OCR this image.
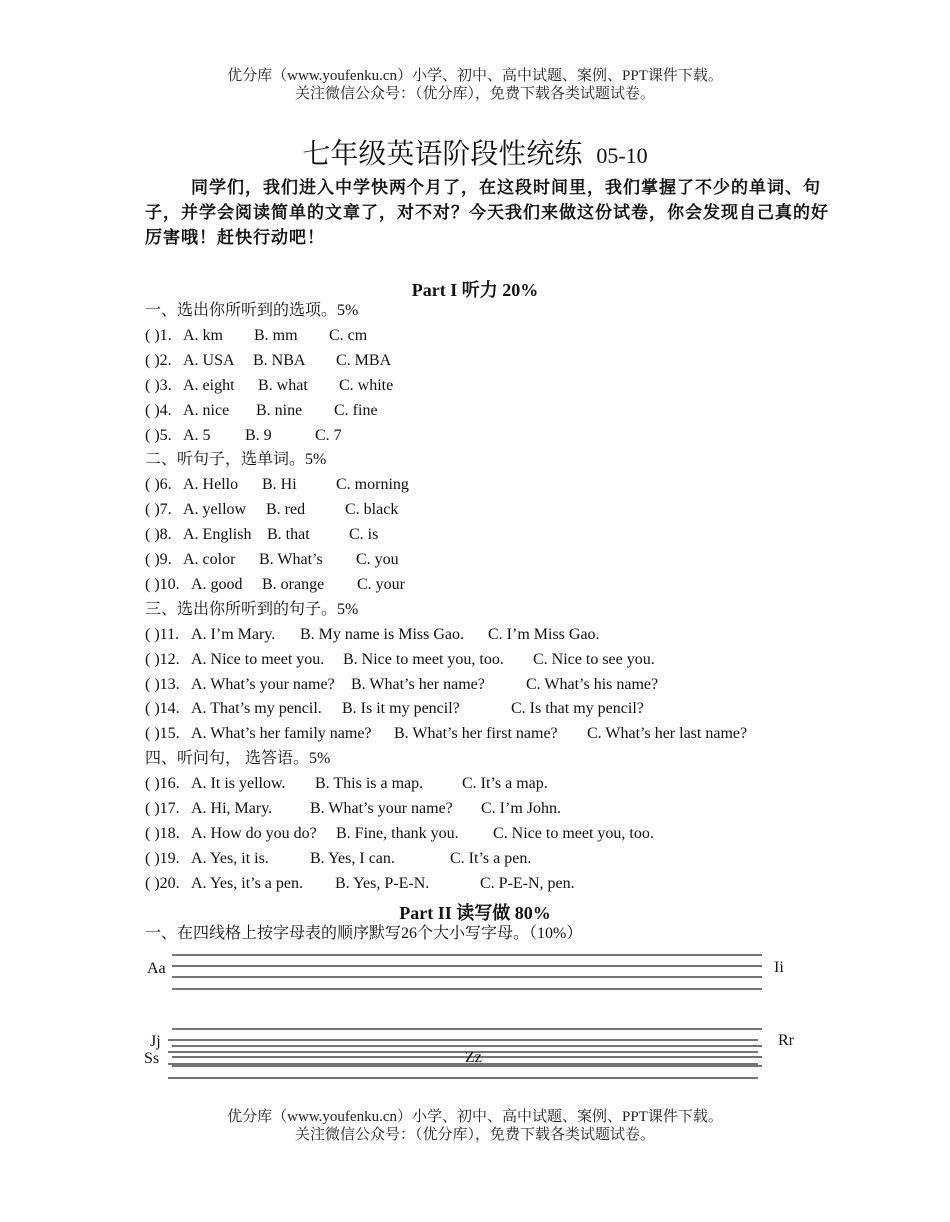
优分库（www.youfenku.cn）小学、初中、高中试题、案例、PPT课件下载。
关注微信公众号：（优分库），免费下载各类试题试卷。
七年级英语阶段性统练 05-10
同学们，我们进入中学快两个月了，在这段时间里，我们掌握了不少的单词、句子，并学会阅读简单的文章了，对不对？今天我们来做这份试卷，你会发现自己真的好厉害哦！赶快行动吧！
Part I 听力 20%
一、选出你所听到的选项。5%
( )1. A. km B. mm C. cm
( )2. A. USA B. NBA C. MBA
( )3. A. eight B. what C. white
( )4. A. nice B. nine C. fine
( )5. A. 5 B. 9	C. 7
二、听句子，选单词。5%
( )6. A. Hello B. Hi C. morning
( )7. A. yellow B. red C. black
( )8. A. English B. that C. is
( )9. A. color B. What’s C. you
( )10. A. good B. orange C. your
三、选出你所听到的句子。5%
( )11. A. I’m Mary. B. My name is Miss Gao. C. I’m Miss Gao.
( )12. A. Nice to meet you. B. Nice to meet you, too. C. Nice to see you.
( )13. A. What’s your name? B. What’s her name?	C. What’s his name?
( )14. A. That’s my pencil. B. Is it my pencil?	C. Is that my pencil?
( )15. A. What’s her family name? B. What’s her first name? C. What’s her last name?
四、听问句， 选答语。5%
( )16. A. It is yellow. B. This is a map. C. It’s a map.
( )17. A. Hi, Mary. B. What’s your name? C. I’m John.
( )18. A. How do you do? B. Fine, thank you. C. Nice to meet you, too.
( )19. A. Yes, it is.	B. Yes, I can.	C. It’s a pen.
( )20. A. Yes, it’s a pen. B. Yes, P-E-N.	C. P-E-N, pen.
Part II 读写做 80%
一、在四线格上按字母表的顺序默写26个大小写字母。（10%）
Aa	Ii
Jj	Rr
Ss	Zz
优分库（www.youfenku.cn）小学、初中、高中试题、案例、PPT课件下载。
关注微信公众号：（优分库），免费下载各类试题试卷。
